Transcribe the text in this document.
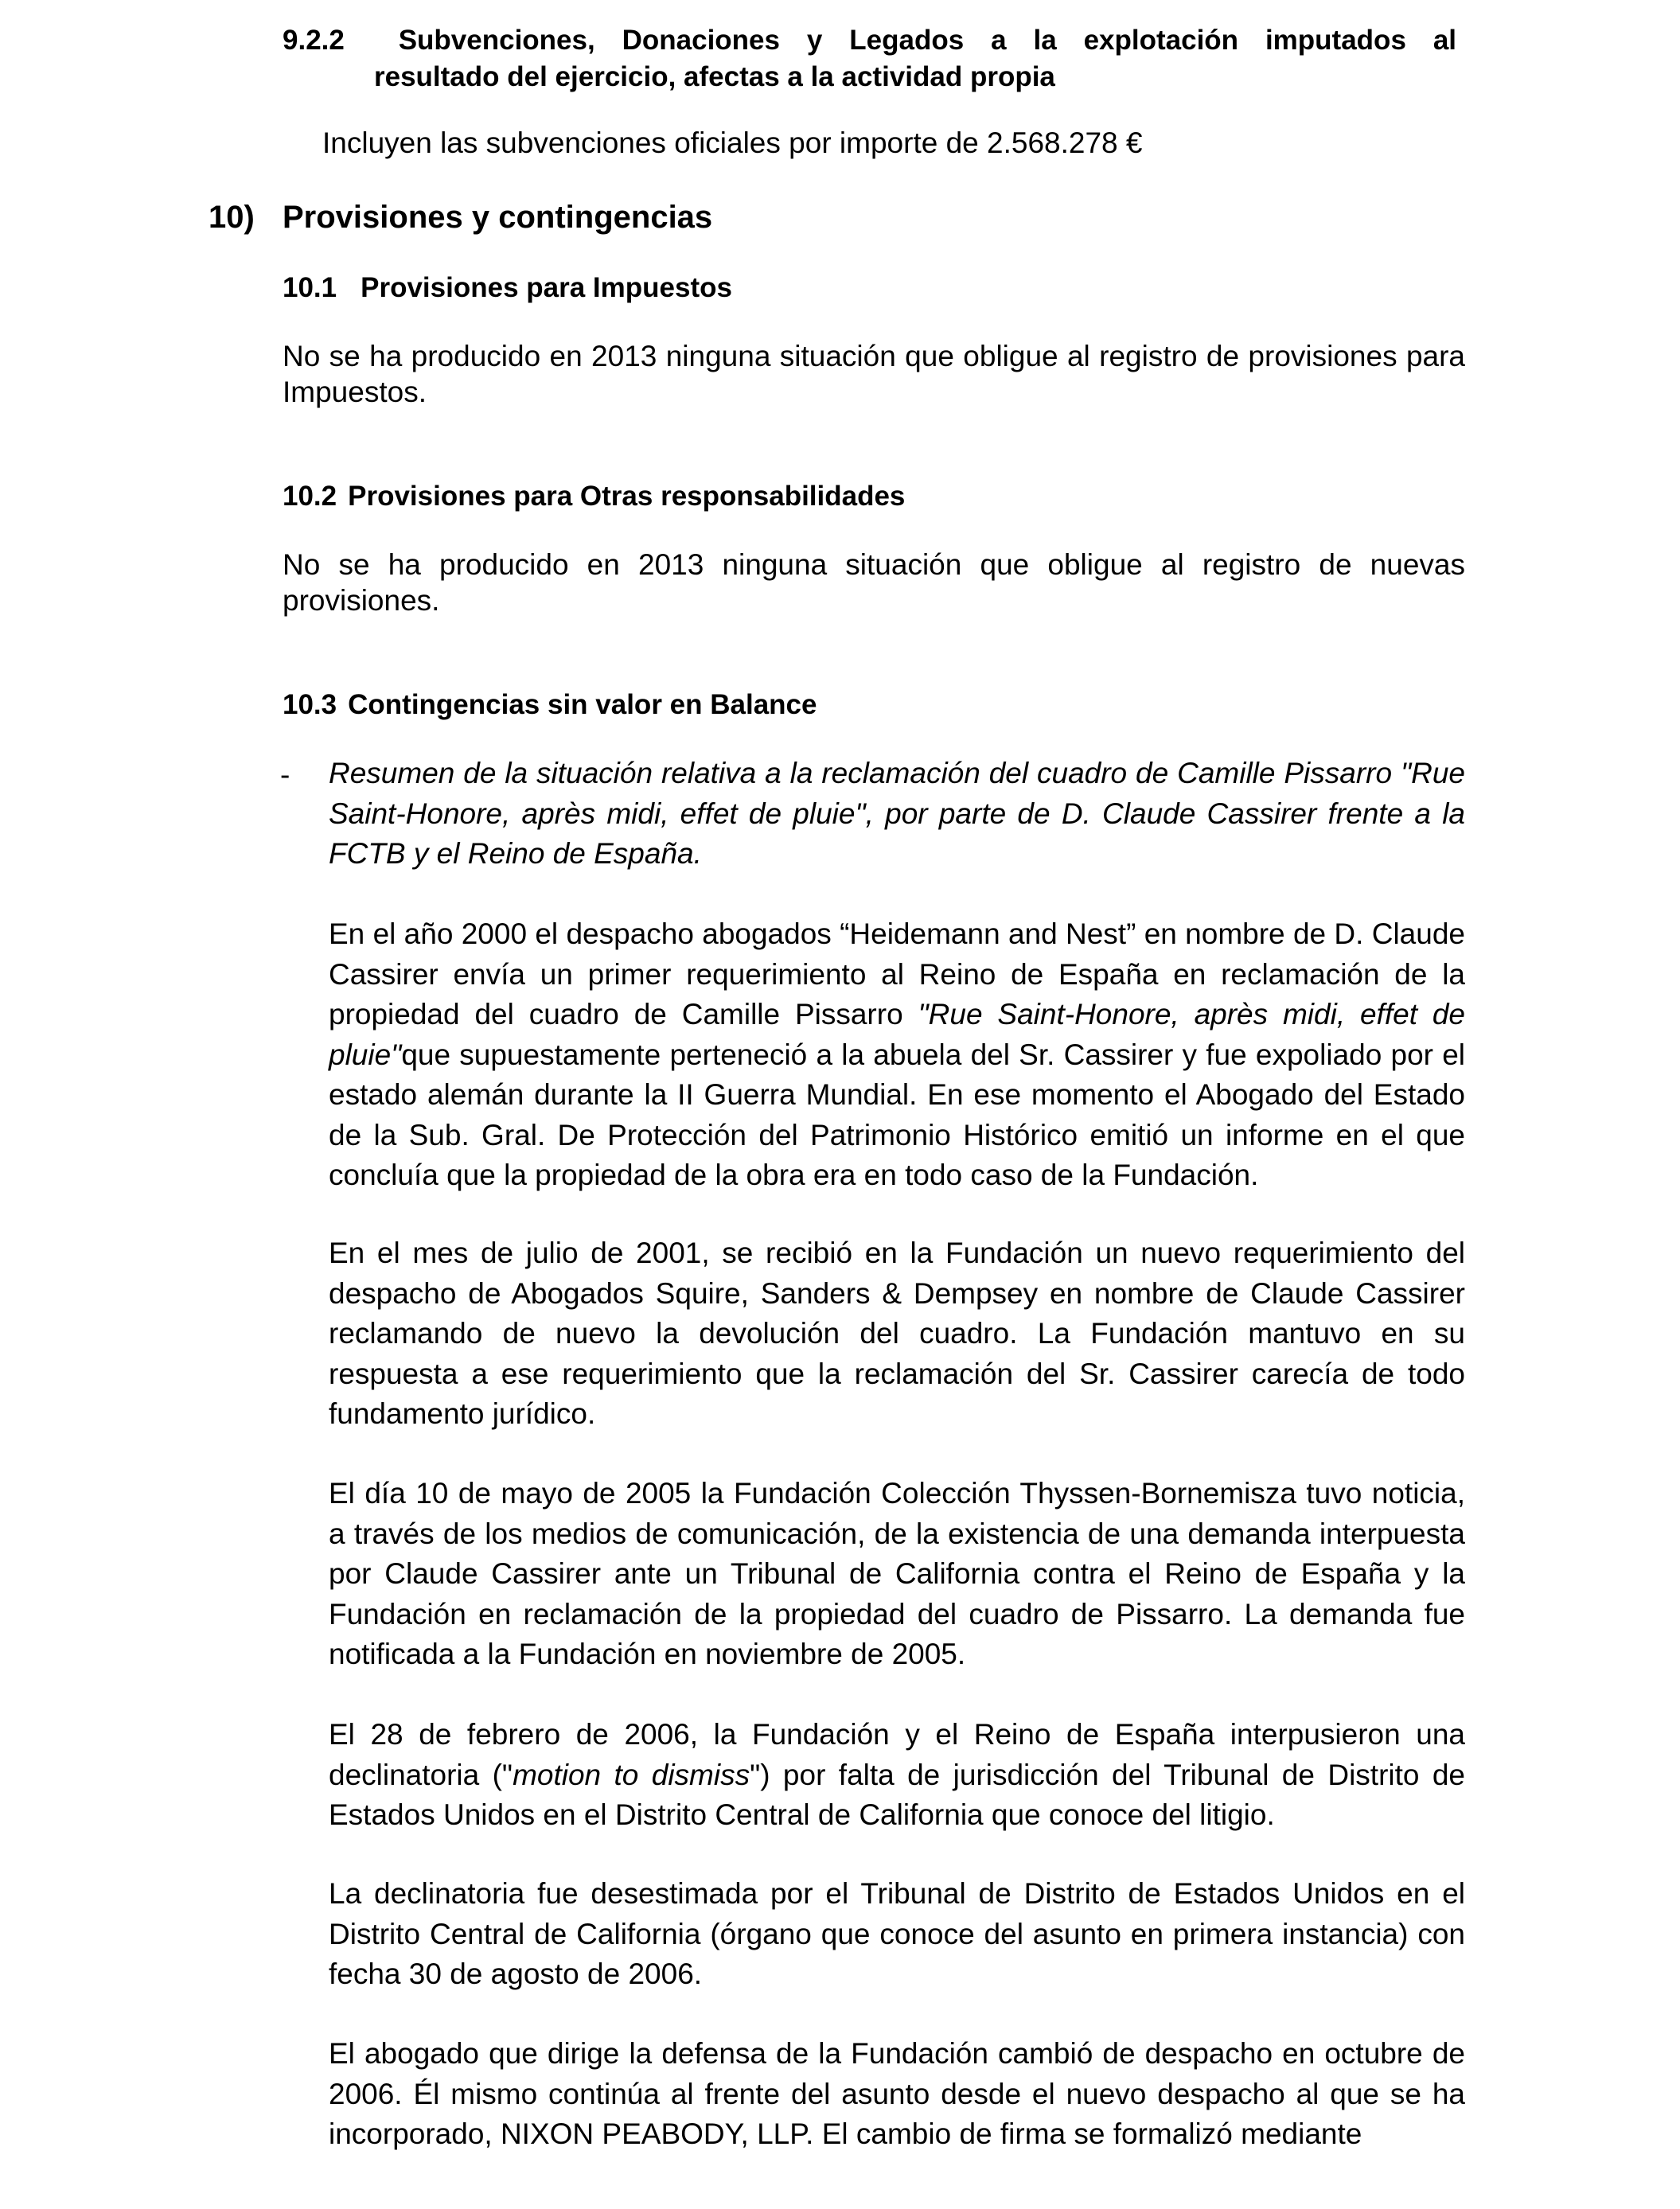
9.2.2 Subvenciones, Donaciones y Legados a la explotación imputados al
resultado del ejercicio, afectas a la actividad propia
Incluyen las subvenciones oficiales por importe de 2.568.278 €
10) Provisiones y contingencias
10.1 Provisiones para Impuestos

No se ha producido en 2013 ninguna situación que obligue al registro de provisiones para Impuestos.

10.2 Provisiones para Otras responsabilidades

No se ha producido en 2013 ninguna situación que obligue al registro de nuevas provisiones.

10.3 Contingencias sin valor en Balance
- Resumen de la situación relativa a la reclamación del cuadro de Camille Pissarro "Rue Saint-Honore, après midi, effet de pluie", por parte de D. Claude Cassirer frente a la FCTB y el Reino de España.

En el año 2000 el despacho abogados “Heidemann and Nest” en nombre de D. Claude Cassirer envía un primer requerimiento al Reino de España en reclamación de la propiedad del cuadro de Camille Pissarro "Rue Saint-Honore, après midi, effet de pluie"que supuestamente perteneció a la abuela del Sr. Cassirer y fue expoliado por el estado alemán durante la II Guerra Mundial. En ese momento el Abogado del Estado de la Sub. Gral. De Protección del Patrimonio Histórico emitió un informe en el que concluía que la propiedad de la obra era en todo caso de la Fundación.

En el mes de julio de 2001, se recibió en la Fundación un nuevo requerimiento del despacho de Abogados Squire, Sanders & Dempsey en nombre de Claude Cassirer reclamando de nuevo la devolución del cuadro. La Fundación mantuvo en su respuesta a ese requerimiento que la reclamación del Sr. Cassirer carecía de todo fundamento jurídico.

El día 10 de mayo de 2005 la Fundación Colección Thyssen-Bornemisza tuvo noticia, a través de los medios de comunicación, de la existencia de una demanda interpuesta por Claude Cassirer ante un Tribunal de California contra el Reino de España y la Fundación en reclamación de la propiedad del cuadro de Pissarro. La demanda fue notificada a la Fundación en noviembre de 2005.

El 28 de febrero de 2006, la Fundación y el Reino de España interpusieron una declinatoria ("motion to dismiss") por falta de jurisdicción del Tribunal de Distrito de Estados Unidos en el Distrito Central de California que conoce del litigio.

La declinatoria fue desestimada por el Tribunal de Distrito de Estados Unidos en el Distrito Central de California (órgano que conoce del asunto en primera instancia) con fecha 30 de agosto de 2006.

El abogado que dirige la defensa de la Fundación cambió de despacho en octubre de 2006. Él mismo continúa al frente del asunto desde el nuevo despacho al que se ha incorporado, NIXON PEABODY, LLP. El cambio de firma se formalizó mediante
